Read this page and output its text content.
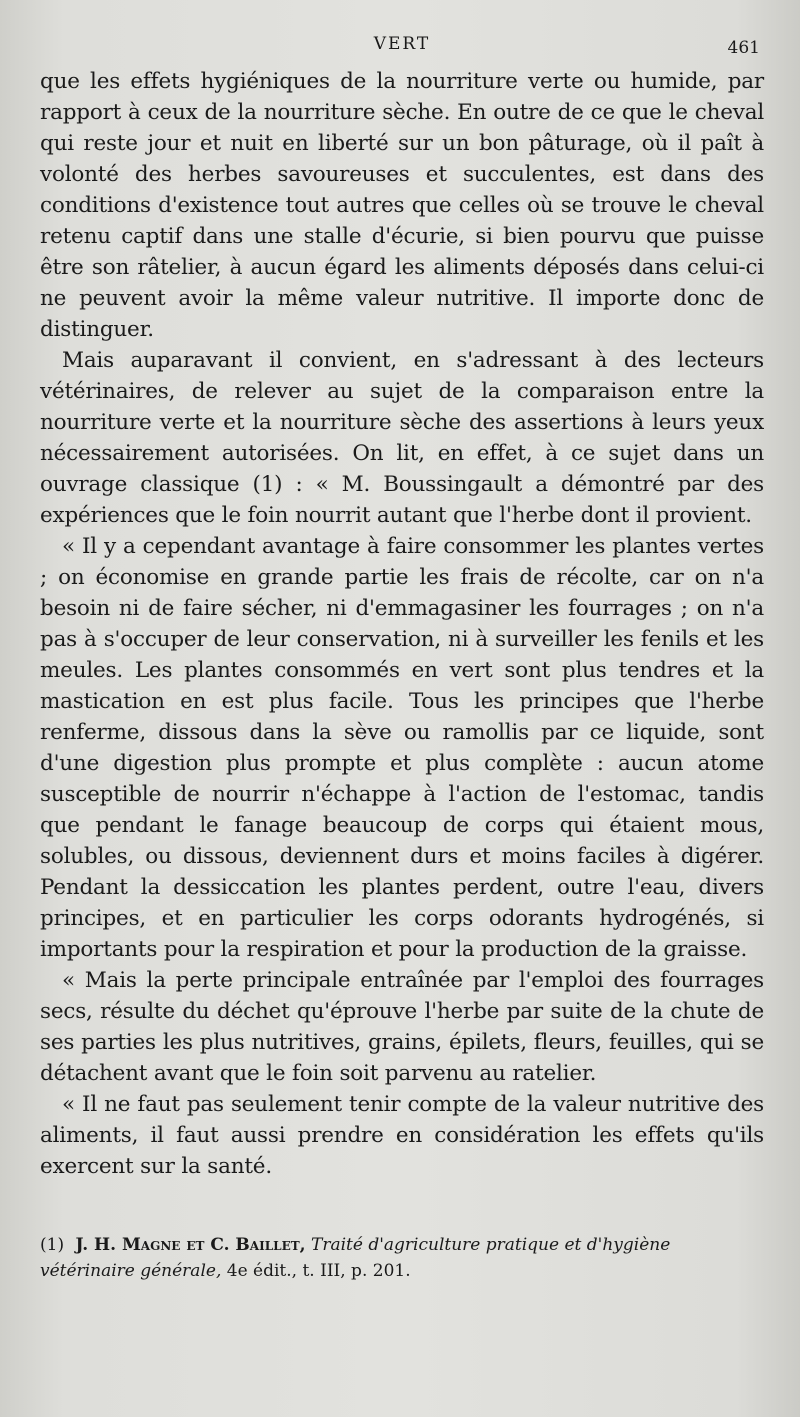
VERT	461

que les effets hygiéniques de la nourriture verte ou humide, par rapport à ceux de la nourriture sèche. En outre de ce que le cheval qui reste jour et nuit en liberté sur un bon pâturage, où il paît à volonté des herbes savoureuses et succulentes, est dans des conditions d'existence tout autres que celles où se trouve le cheval retenu captif dans une stalle d'écurie, si bien pourvu que puisse être son râtelier, à aucun égard les aliments déposés dans celui-ci ne peuvent avoir la même valeur nutritive. Il importe donc de distinguer.

Mais auparavant il convient, en s'adressant à des lecteurs vétérinaires, de relever au sujet de la comparaison entre la nourriture verte et la nourriture sèche des assertions à leurs yeux nécessairement autorisées. On lit, en effet, à ce sujet dans un ouvrage classique (1) : « M. Boussingault a démontré par des expériences que le foin nourrit autant que l'herbe dont il provient.

« Il y a cependant avantage à faire consommer les plantes vertes ; on économise en grande partie les frais de récolte, car on n'a besoin ni de faire sécher, ni d'emmagasiner les fourrages ; on n'a pas à s'occuper de leur conservation, ni à surveiller les fenils et les meules. Les plantes consommés en vert sont plus tendres et la mastication en est plus facile. Tous les principes que l'herbe renferme, dissous dans la sève ou ramollis par ce liquide, sont d'une digestion plus prompte et plus complète : aucun atome susceptible de nourrir n'échappe à l'action de l'estomac, tandis que pendant le fanage beaucoup de corps qui étaient mous, solubles, ou dissous, deviennent durs et moins faciles à digérer. Pendant la dessiccation les plantes perdent, outre l'eau, divers principes, et en particulier les corps odorants hydrogénés, si importants pour la respiration et pour la production de la graisse.

« Mais la perte principale entraînée par l'emploi des fourrages secs, résulte du déchet qu'éprouve l'herbe par suite de la chute de ses parties les plus nutritives, grains, épilets, fleurs, feuilles, qui se détachent avant que le foin soit parvenu au ratelier.

« Il ne faut pas seulement tenir compte de la valeur nutritive des aliments, il faut aussi prendre en considération les effets qu'ils exercent sur la santé.

(1) J. H. Magne et C. Baillet, Traité d'agriculture pratique et d'hygiène vétérinaire générale, 4e édit., t. III, p. 201.
